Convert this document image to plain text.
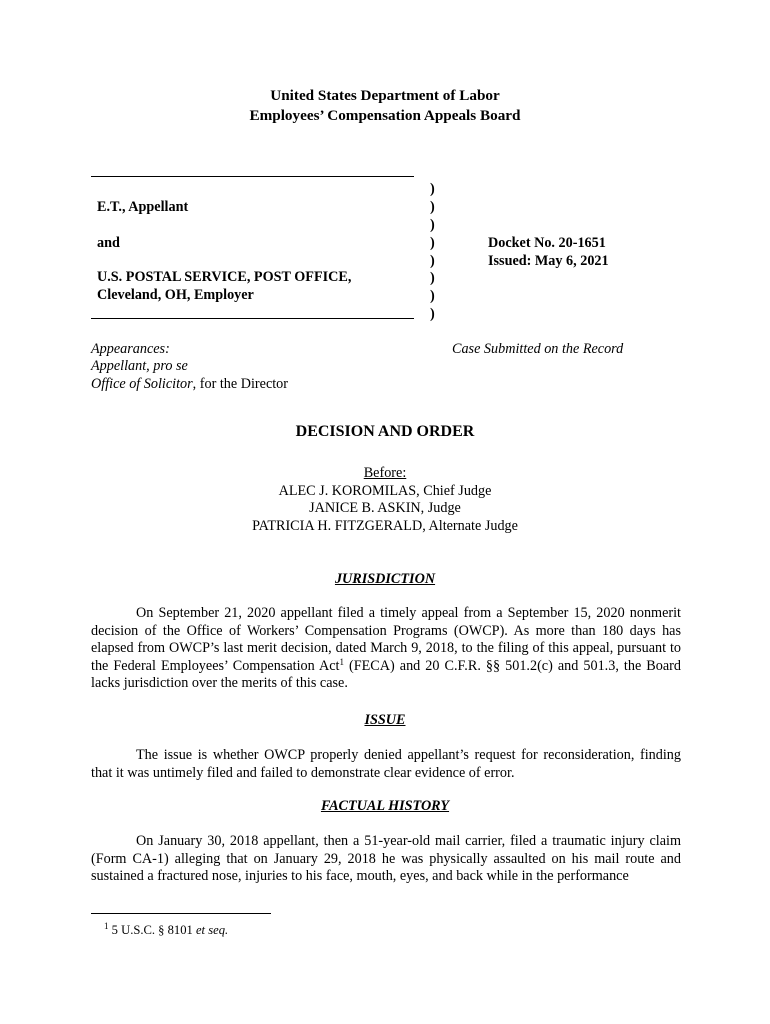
United States Department of Labor
Employees’ Compensation Appeals Board
E.T., Appellant
and
U.S. POSTAL SERVICE, POST OFFICE,
Cleveland, OH, Employer
)
)
)
)
)
)
)
)
Docket No. 20-1651
Issued: May 6, 2021
Appearances:
Appellant, pro se
Office of Solicitor, for the Director
Case Submitted on the Record
DECISION AND ORDER
Before:
ALEC J. KOROMILAS, Chief Judge
JANICE B. ASKIN, Judge
PATRICIA H. FITZGERALD, Alternate Judge
JURISDICTION
On September 21, 2020 appellant filed a timely appeal from a September 15, 2020 nonmerit decision of the Office of Workers’ Compensation Programs (OWCP). As more than 180 days has elapsed from OWCP’s last merit decision, dated March 9, 2018, to the filing of this appeal, pursuant to the Federal Employees’ Compensation Act$^1$ (FECA) and 20 C.F.R. §§ 501.2(c) and 501.3, the Board lacks jurisdiction over the merits of this case.
ISSUE
The issue is whether OWCP properly denied appellant’s request for reconsideration, finding that it was untimely filed and failed to demonstrate clear evidence of error.
FACTUAL HISTORY
On January 30, 2018 appellant, then a 51-year-old mail carrier, filed a traumatic injury claim (Form CA-1) alleging that on January 29, 2018 he was physically assaulted on his mail route and sustained a fractured nose, injuries to his face, mouth, eyes, and back while in the performance
$^1$ 5 U.S.C. § 8101 et seq.
